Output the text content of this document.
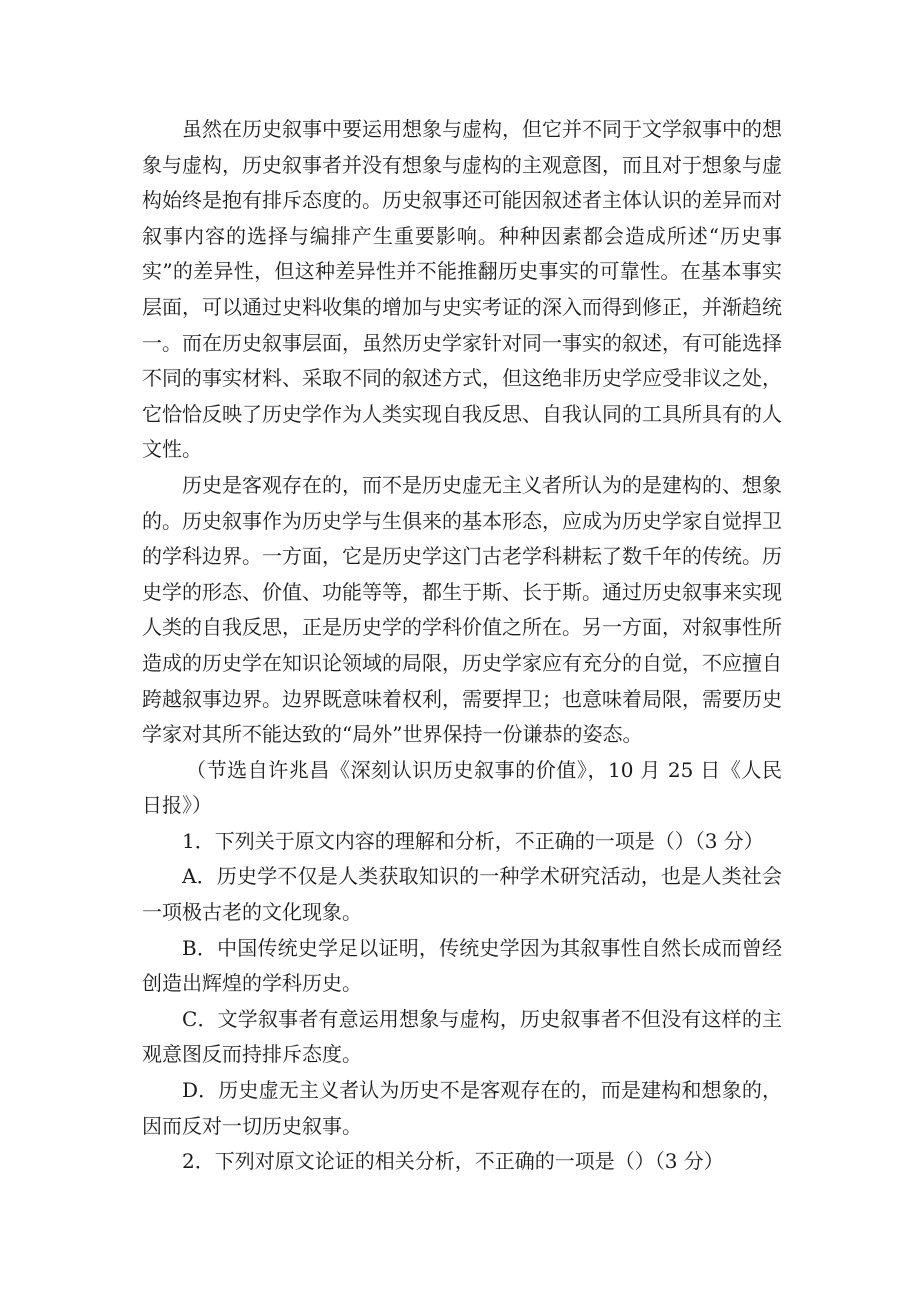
虽然在历史叙事中要运用想象与虚构，但它并不同于文学叙事中的想象与虚构，历史叙事者并没有想象与虚构的主观意图，而且对于想象与虚构始终是抱有排斥态度的。历史叙事还可能因叙述者主体认识的差异而对叙事内容的选择与编排产生重要影响。种种因素都会造成所述“历史事实”的差异性，但这种差异性并不能推翻历史事实的可靠性。在基本事实层面，可以通过史料收集的增加与史实考证的深入而得到修正，并渐趋统一。而在历史叙事层面，虽然历史学家针对同一事实的叙述，有可能选择不同的事实材料、采取不同的叙述方式，但这绝非历史学应受非议之处，它恰恰反映了历史学作为人类实现自我反思、自我认同的工具所具有的人文性。

历史是客观存在的，而不是历史虚无主义者所认为的是建构的、想象的。历史叙事作为历史学与生俱来的基本形态，应成为历史学家自觉捍卫的学科边界。一方面，它是历史学这门古老学科耕耘了数千年的传统。历史学的形态、价值、功能等等，都生于斯、长于斯。通过历史叙事来实现人类的自我反思，正是历史学的学科价值之所在。另一方面，对叙事性所造成的历史学在知识论领域的局限，历史学家应有充分的自觉，不应擅自跨越叙事边界。边界既意味着权利，需要捍卫；也意味着局限，需要历史学家对其所不能达致的“局外”世界保持一份谦恭的姿态。

（节选自许兆昌《深刻认识历史叙事的价值》，10 月 25 日《人民日报》）

1．下列关于原文内容的理解和分析，不正确的一项是（）（3 分）

A．历史学不仅是人类获取知识的一种学术研究活动，也是人类社会一项极古老的文化现象。

B．中国传统史学足以证明，传统史学因为其叙事性自然长成而曾经创造出辉煌的学科历史。

C．文学叙事者有意运用想象与虚构，历史叙事者不但没有这样的主观意图反而持排斥态度。

D．历史虚无主义者认为历史不是客观存在的，而是建构和想象的，因而反对一切历史叙事。

2．下列对原文论证的相关分析，不正确的一项是（）（3 分）
